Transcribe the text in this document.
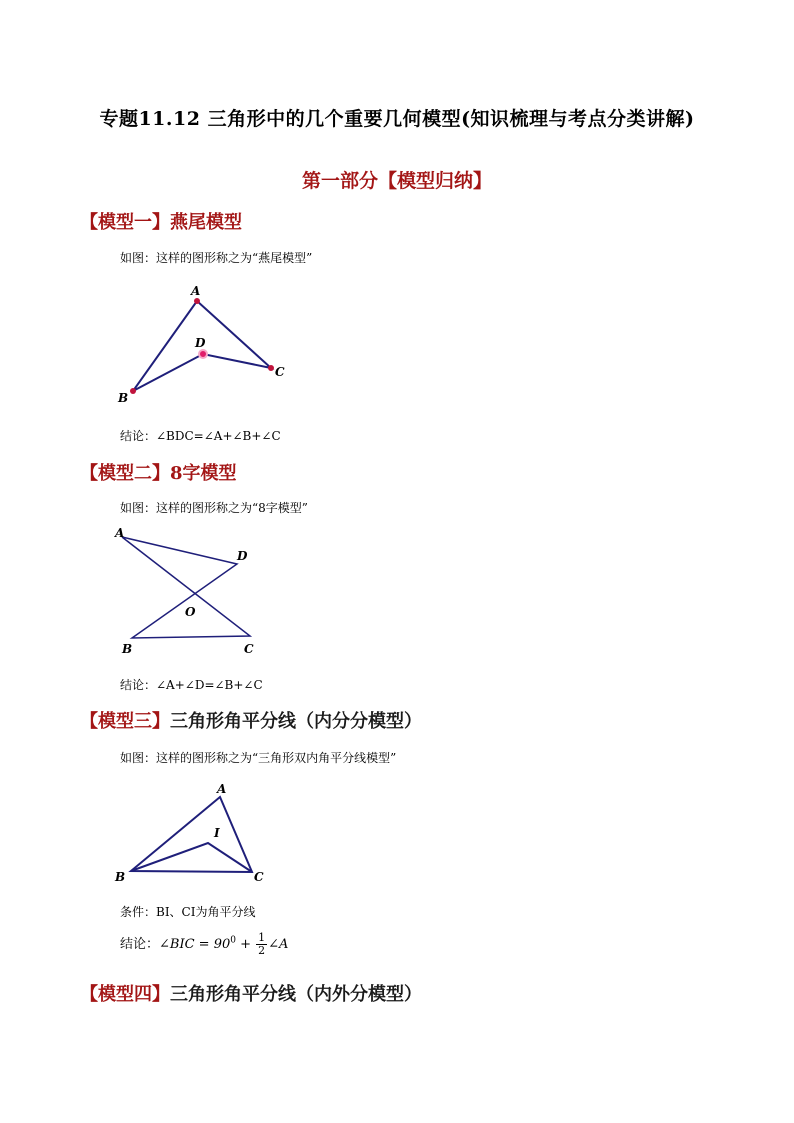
专题11.12 三角形中的几个重要几何模型(知识梳理与考点分类讲解)
第一部分【模型归纳】
【模型一】燕尾模型
如图：这样的图形称之为“燕尾模型”
A
B
C
D
结论：∠BDC=∠A+∠B+∠C
【模型二】8字模型
如图：这样的图形称之为“8字模型”
A
D
O
B	C
结论：∠A+∠D=∠B+∠C
【模型三】三角形角平分线（内分分模型）
如图：这样的图形称之为“三角形双内角平分线模型”
A
I
B	C
条件：BI、CI为角平分线
结论：∠BIC = $90^0 + \frac{1}{2}$ ∠A
【模型四】三角形角平分线（内外分模型）
